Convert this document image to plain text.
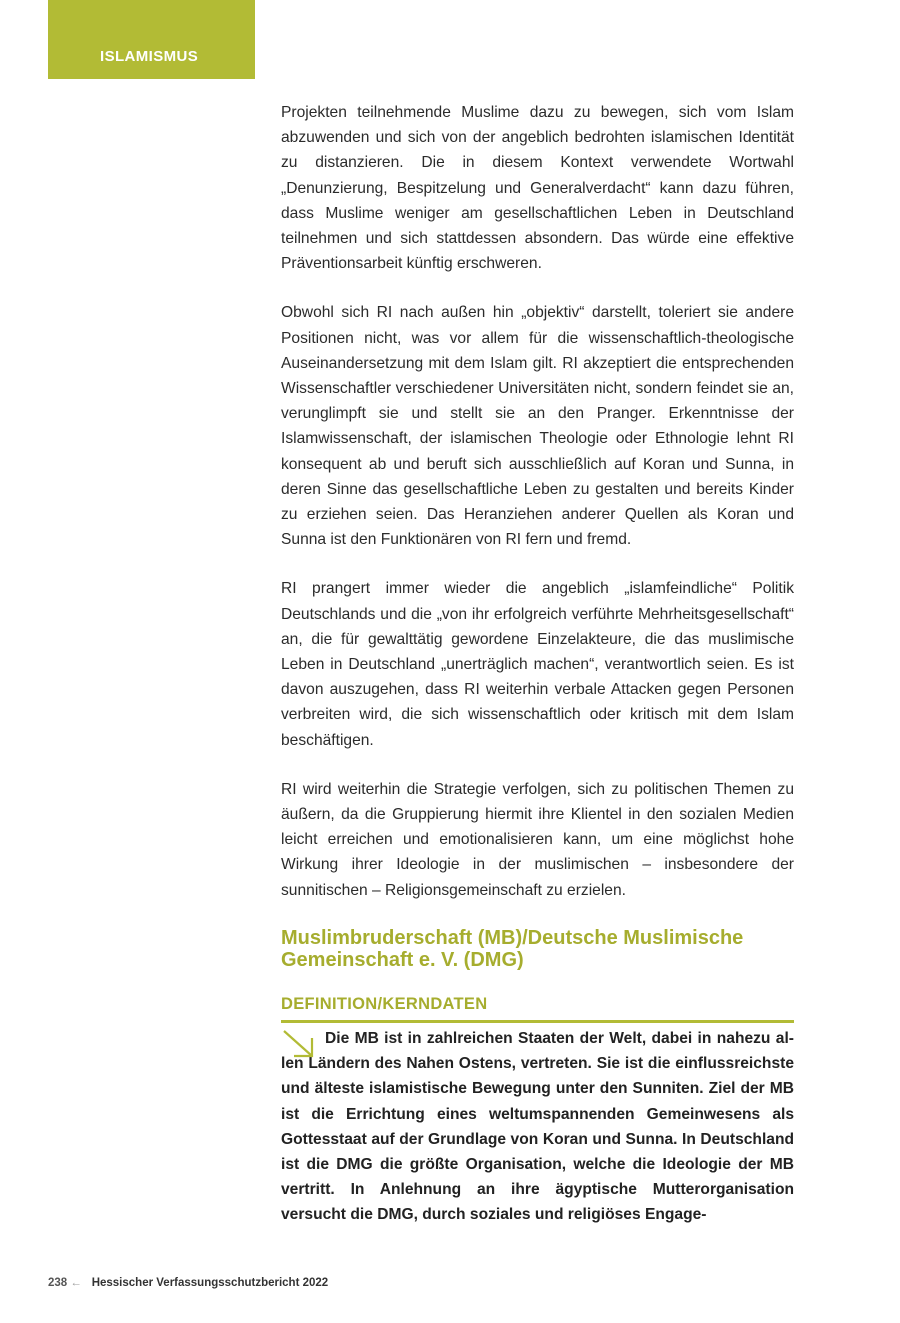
ISLAMISMUS

Projekten teilnehmende Muslime dazu zu bewegen, sich vom Islam abzuwenden und sich von der angeblich bedrohten islamischen Identität zu distanzieren. Die in diesem Kontext verwendete Wortwahl „Denunzierung, Bespitzelung und Generalverdacht“ kann dazu führen, dass Muslime weniger am gesellschaftlichen Leben in Deutschland teilnehmen und sich stattdessen absondern. Das würde eine effektive Präventionsarbeit künftig erschweren.

Obwohl sich RI nach außen hin „objektiv“ darstellt, toleriert sie andere Positionen nicht, was vor allem für die wissenschaftlich-theologische Auseinandersetzung mit dem Islam gilt. RI akzeptiert die entsprechenden Wissenschaftler verschiedener Universitäten nicht, sondern feindet sie an, verunglimpft sie und stellt sie an den Pranger. Erkenntnisse der Islamwissenschaft, der islamischen Theologie oder Ethnologie lehnt RI konsequent ab und beruft sich ausschließlich auf Koran und Sunna, in deren Sinne das gesellschaftliche Leben zu gestalten und bereits Kinder zu erziehen seien. Das Heranziehen anderer Quellen als Koran und Sunna ist den Funktionären von RI fern und fremd.

RI prangert immer wieder die angeblich „islamfeindliche“ Politik Deutschlands und die „von ihr erfolgreich verführte Mehrheitsgesellschaft“ an, die für gewalttätig gewordene Einzelakteure, die das muslimische Leben in Deutschland „unerträglich machen“, verantwortlich seien. Es ist davon auszugehen, dass RI weiterhin verbale Attacken gegen Personen verbreiten wird, die sich wissenschaftlich oder kritisch mit dem Islam beschäftigen.

RI wird weiterhin die Strategie verfolgen, sich zu politischen Themen zu äußern, da die Gruppierung hiermit ihre Klientel in den sozialen Medien leicht erreichen und emotionalisieren kann, um eine möglichst hohe Wirkung ihrer Ideologie in der muslimischen – insbesondere der sunnitischen – Religionsgemeinschaft zu erzielen.

Muslimbruderschaft (MB)/Deutsche Muslimische Gemeinschaft e. V. (DMG)
DEFINITION/KERNDATEN

Die MB ist in zahlreichen Staaten der Welt, dabei in nahezu allen Ländern des Nahen Ostens, vertreten. Sie ist die einflussreichste und älteste islamistische Bewegung unter den Sunniten. Ziel der MB ist die Errichtung eines weltumspannenden Gemeinwesens als Gottesstaat auf der Grundlage von Koran und Sunna. In Deutschland ist die DMG die größte Organisation, welche die Ideologie der MB vertritt. In Anlehnung an ihre ägyptische Mutterorganisation versucht die DMG, durch soziales und religiöses Engage-

238 ← Hessischer Verfassungsschutzbericht 2022
